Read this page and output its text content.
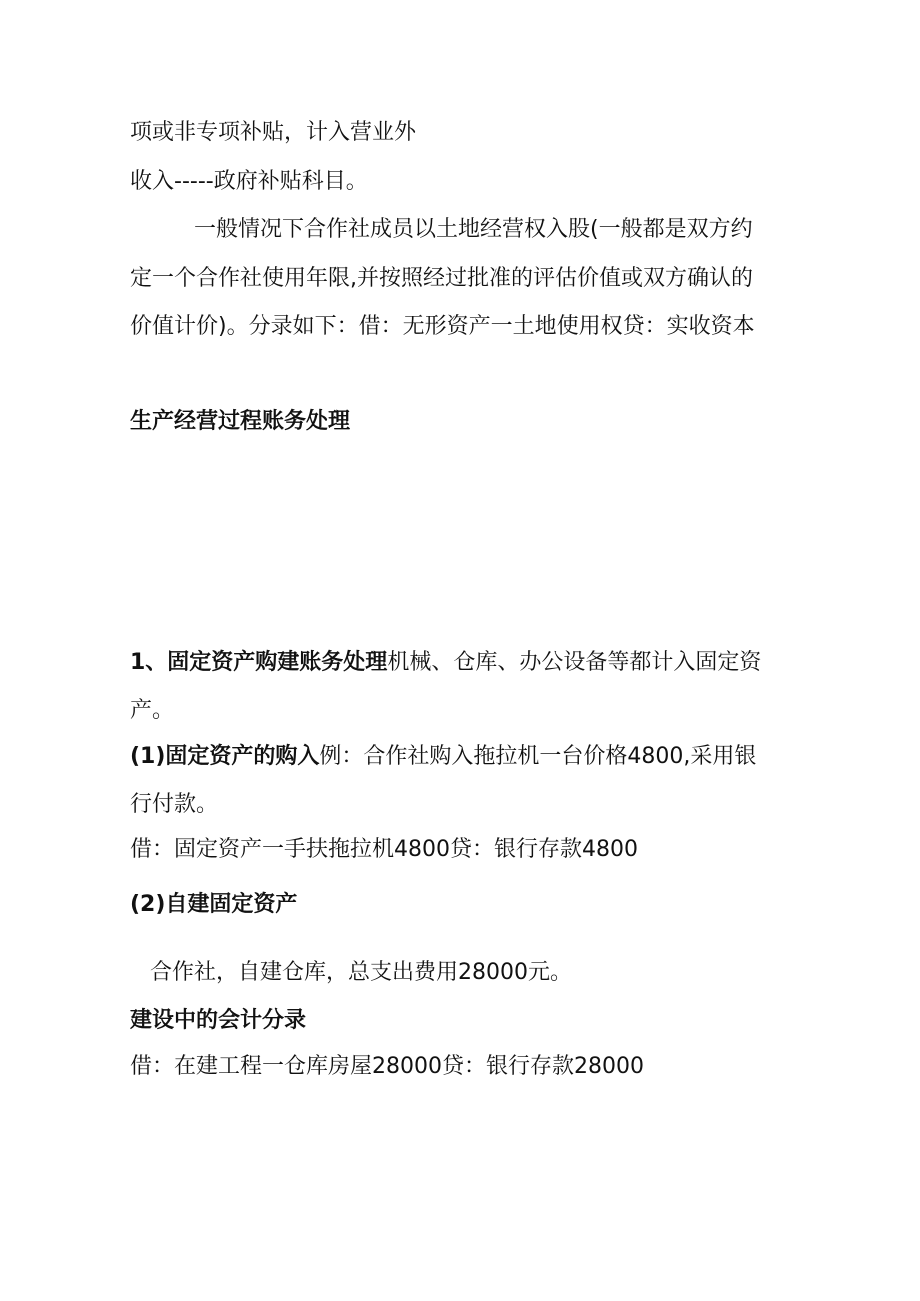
项或非专项补贴，计入营业外
收入-----政府补贴科目。
一般情况下合作社成员以土地经营权入股(一般都是双方约
定一个合作社使用年限,并按照经过批准的评估价值或双方确认的
价值计价)。分录如下：借：无形资产一土地使用权贷：实收资本
生产经营过程账务处理
1、固定资产购建账务处理机械、仓库、办公设备等都计入固定资
产。
(1)固定资产的购入例：合作社购入拖拉机一台价格4800,采用银
行付款。
借：固定资产一手扶拖拉机4800贷：银行存款4800
(2)自建固定资产
合作社，自建仓库，总支出费用28000元。
建设中的会计分录
借：在建工程一仓库房屋28000贷：银行存款28000
